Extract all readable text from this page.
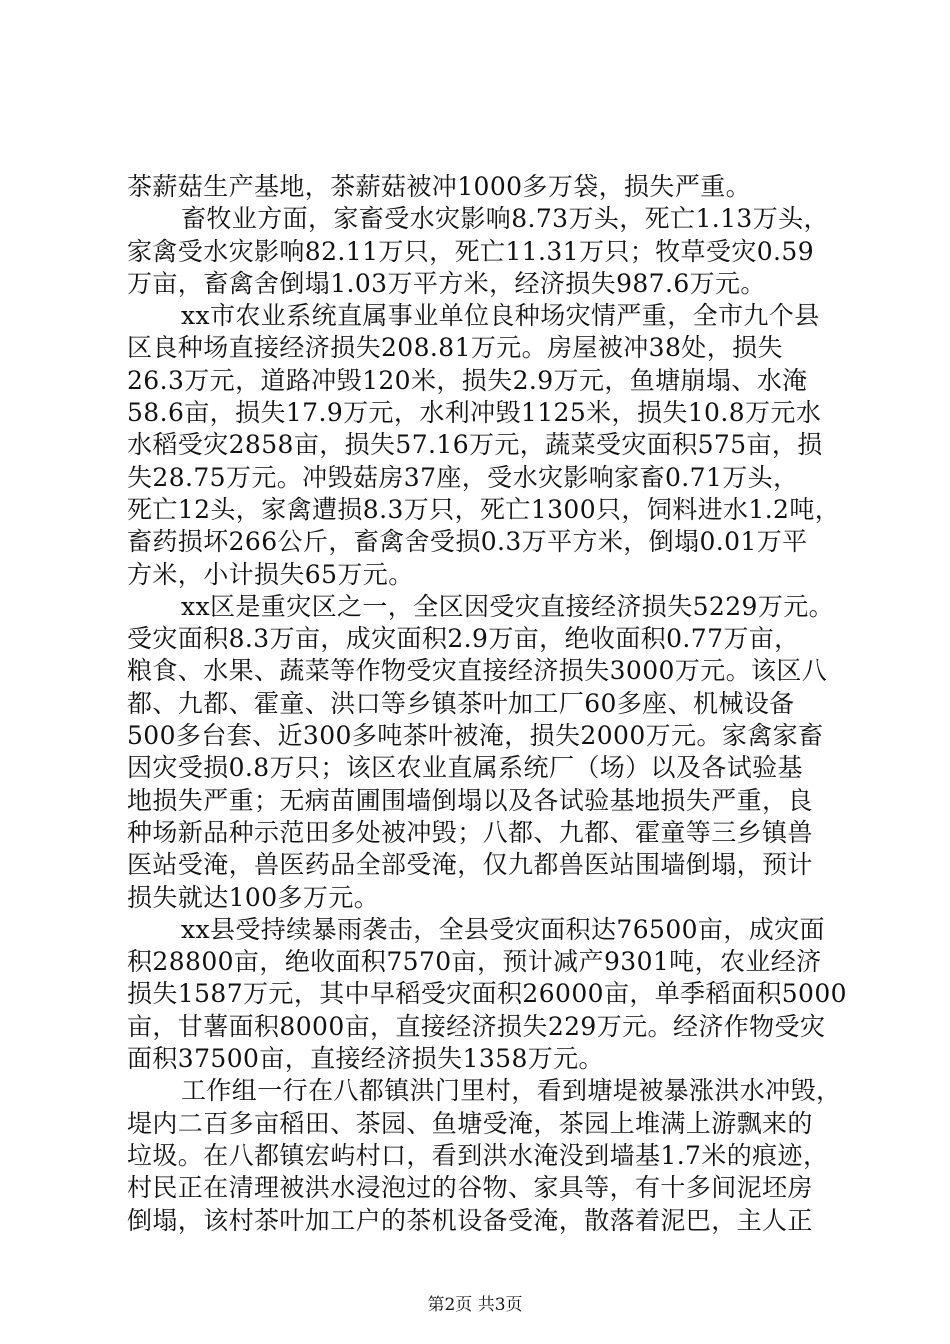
茶薪菇生产基地，茶薪菇被冲1000多万袋，损失严重。
畜牧业方面，家畜受水灾影响8.73万头，死亡1.13万头，
家禽受水灾影响82.11万只，死亡11.31万只；牧草受灾0.59
万亩，畜禽舍倒塌1.03万平方米，经济损失987.6万元。
xx市农业系统直属事业单位良种场灾情严重，全市九个县
区良种场直接经济损失208.81万元。房屋被冲38处，损失
26.3万元，道路冲毁120米，损失2.9万元，鱼塘崩塌、水淹
58.6亩，损失17.9万元，水利冲毁1125米，损失10.8万元水
水稻受灾2858亩，损失57.16万元，蔬菜受灾面积575亩，损
失28.75万元。冲毁菇房37座，受水灾影响家畜0.71万头，
死亡12头，家禽遭损8.3万只，死亡1300只，饲料进水1.2吨，
畜药损坏266公斤，畜禽舍受损0.3万平方米，倒塌0.01万平
方米，小计损失65万元。
xx区是重灾区之一，全区因受灾直接经济损失5229万元。
受灾面积8.3万亩，成灾面积2.9万亩，绝收面积0.77万亩，
粮食、水果、蔬菜等作物受灾直接经济损失3000万元。该区八
都、九都、霍童、洪口等乡镇茶叶加工厂60多座、机械设备
500多台套、近300多吨茶叶被淹，损失2000万元。家禽家畜
因灾受损0.8万只；该区农业直属系统厂（场）以及各试验基
地损失严重；无病苗圃围墙倒塌以及各试验基地损失严重，良
种场新品种示范田多处被冲毁；八都、九都、霍童等三乡镇兽
医站受淹，兽医药品全部受淹，仅九都兽医站围墙倒塌，预计
损失就达100多万元。
xx县受持续暴雨袭击，全县受灾面积达76500亩，成灾面
积28800亩，绝收面积7570亩，预计减产9301吨，农业经济
损失1587万元，其中早稻受灾面积26000亩，单季稻面积5000
亩，甘薯面积8000亩，直接经济损失229万元。经济作物受灾
面积37500亩，直接经济损失1358万元。
工作组一行在八都镇洪门里村，看到塘堤被暴涨洪水冲毁，
堤内二百多亩稻田、茶园、鱼塘受淹，茶园上堆满上游飘来的
垃圾。在八都镇宏屿村口，看到洪水淹没到墙基1.7米的痕迹，
村民正在清理被洪水浸泡过的谷物、家具等，有十多间泥坯房
倒塌，该村茶叶加工户的茶机设备受淹，散落着泥巴，主人正
第2页 共3页
